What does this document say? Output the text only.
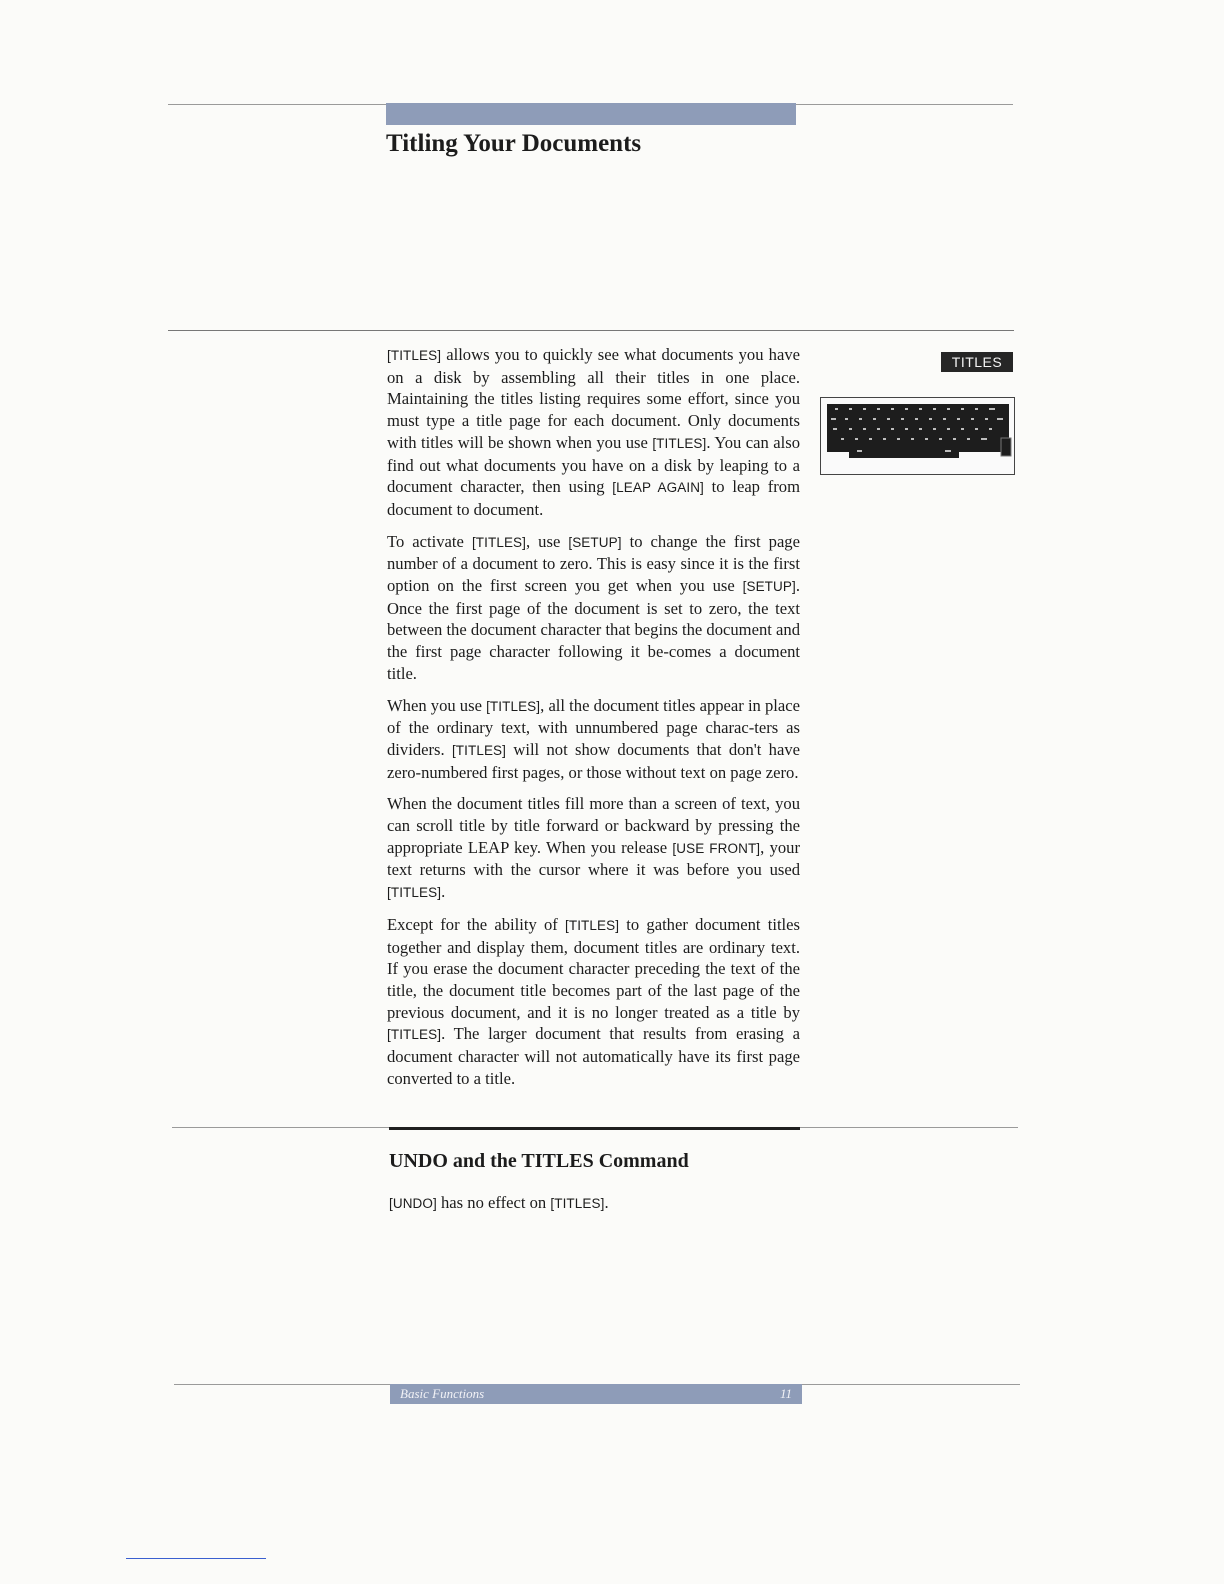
Titling Your Documents
TITLES

[TITLES] allows you to quickly see what documents you have on a disk by assembling all their titles in one place. Maintaining the titles listing requires some effort, since you must type a title page for each document. Only documents with titles will be shown when you use [TITLES]. You can also find out what documents you have on a disk by leaping to a document character, then using [LEAP AGAIN] to leap from document to document.

To activate [TITLES], use [SETUP] to change the first page number of a document to zero. This is easy since it is the first option on the first screen you get when you use [SETUP]. Once the first page of the document is set to zero, the text between the document character that begins the document and the first page character following it be-comes a document title.

When you use [TITLES], all the document titles appear in place of the ordinary text, with unnumbered page charac-ters as dividers. [TITLES] will not show documents that don't have zero-numbered first pages, or those without text on page zero.

When the document titles fill more than a screen of text, you can scroll title by title forward or backward by pressing the appropriate LEAP key. When you release [USE FRONT], your text returns with the cursor where it was before you used [TITLES].

Except for the ability of [TITLES] to gather document titles together and display them, document titles are ordinary text. If you erase the document character preceding the text of the title, the document title becomes part of the last page of the previous document, and it is no longer treated as a title by [TITLES]. The larger document that results from erasing a document character will not automatically have its first page converted to a title.

UNDO and the TITLES Command

[UNDO] has no effect on [TITLES].

Basic Functions	11
